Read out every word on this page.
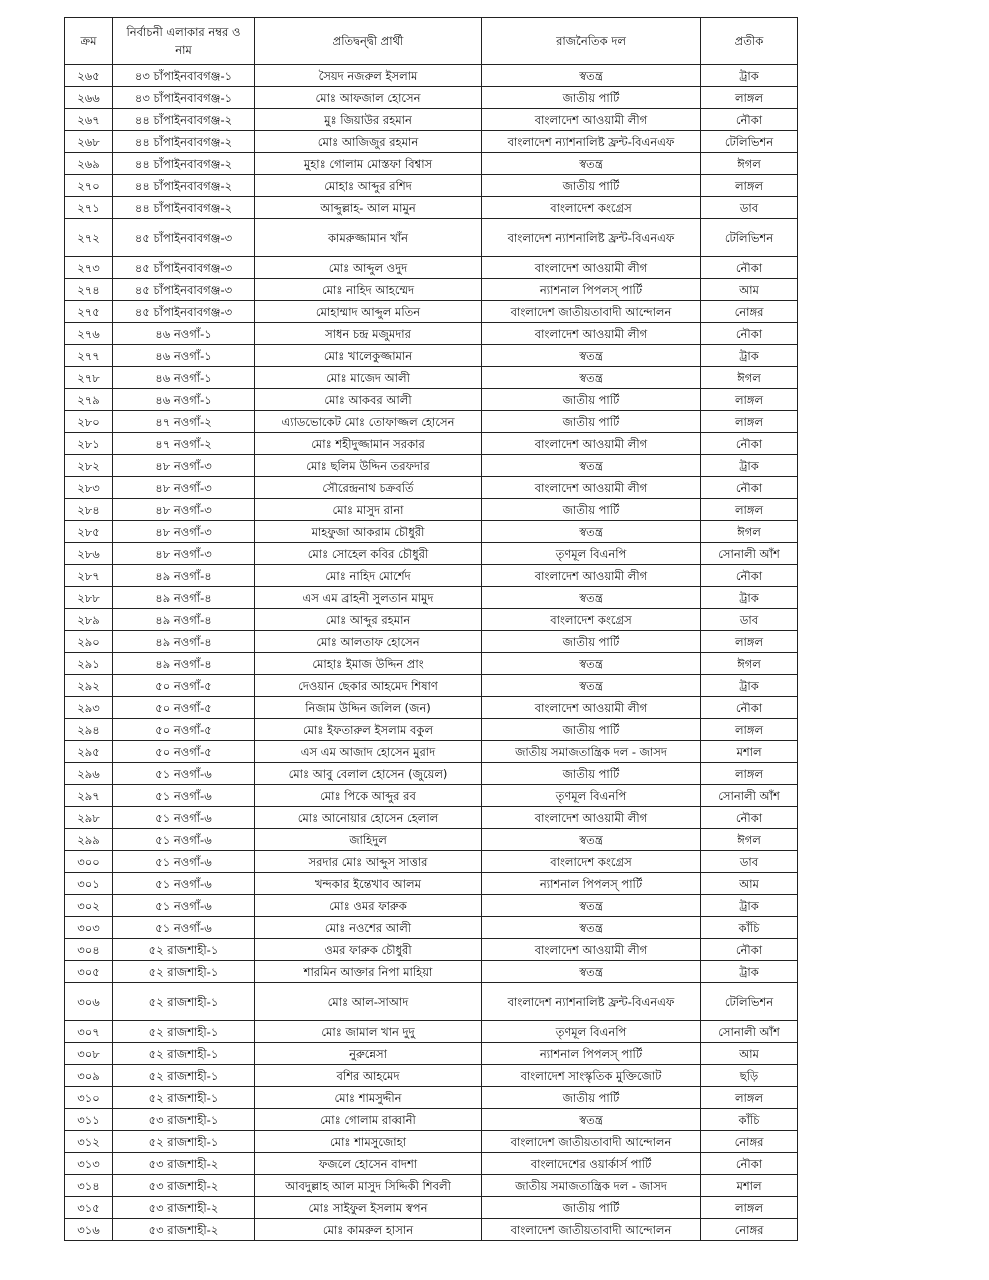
ক্রম	নির্বাচনী এলাকার নম্বর ও নাম	প্রতিদ্বন্দ্বী প্রার্থী	রাজনৈতিক দল	প্রতীক
২৬৫	৪৩ চাঁপাইনবাবগঞ্জ-১	সৈয়দ নজরুল ইসলাম	স্বতন্ত্র	ট্রাক
২৬৬	৪৩ চাঁপাইনবাবগঞ্জ-১	মোঃ আফজাল হোসেন	জাতীয় পার্টি	লাঙ্গল
২৬৭	৪৪ চাঁপাইনবাবগঞ্জ-২	মুঃ জিয়াউর রহমান	বাংলাদেশ আওয়ামী লীগ	নৌকা
২৬৮	৪৪ চাঁপাইনবাবগঞ্জ-২	মোঃ আজিজুর রহমান	বাংলাদেশ ন্যাশনালিষ্ট ফ্রন্ট-বিএনএফ	টেলিভিশন
২৬৯	৪৪ চাঁপাইনবাবগঞ্জ-২	মুহাঃ গোলাম মোস্তফা বিশ্বাস	স্বতন্ত্র	ঈগল
২৭০	৪৪ চাঁপাইনবাবগঞ্জ-২	মোহাঃ আব্দুর রশিদ	জাতীয় পার্টি	লাঙ্গল
২৭১	৪৪ চাঁপাইনবাবগঞ্জ-২	আব্দুল্লাহ- আল মামুন	বাংলাদেশ কংগ্রেস	ডাব
২৭২	৪৫ চাঁপাইনবাবগঞ্জ-৩	কামরুজ্জামান খাঁন	বাংলাদেশ ন্যাশনালিষ্ট ফ্রন্ট-বিএনএফ	টেলিভিশন
২৭৩	৪৫ চাঁপাইনবাবগঞ্জ-৩	মোঃ আব্দুল ওদুদ	বাংলাদেশ আওয়ামী লীগ	নৌকা
২৭৪	৪৫ চাঁপাইনবাবগঞ্জ-৩	মোঃ নাহিদ আহম্মেদ	ন্যাশনাল পিপলস্ পার্টি	আম
২৭৫	৪৫ চাঁপাইনবাবগঞ্জ-৩	মোহাম্মাদ আব্দুল মতিন	বাংলাদেশ জাতীয়তাবাদী আন্দোলন	নোঙ্গর
২৭৬	৪৬ নওগাঁ-১	সাধন চন্দ্র মজুমদার	বাংলাদেশ আওয়ামী লীগ	নৌকা
২৭৭	৪৬ নওগাঁ-১	মোঃ খালেকুজ্জামান	স্বতন্ত্র	ট্রাক
২৭৮	৪৬ নওগাঁ-১	মোঃ মাজেদ আলী	স্বতন্ত্র	ঈগল
২৭৯	৪৬ নওগাঁ-১	মোঃ আকবর আলী	জাতীয় পার্টি	লাঙ্গল
২৮০	৪৭ নওগাঁ-২	এ্যাডভোকেট মোঃ তোফাজ্জল হোসেন	জাতীয় পার্টি	লাঙ্গল
২৮১	৪৭ নওগাঁ-২	মোঃ শহীদুজ্জামান সরকার	বাংলাদেশ আওয়ামী লীগ	নৌকা
২৮২	৪৮ নওগাঁ-৩	মোঃ ছলিম উদ্দিন তরফদার	স্বতন্ত্র	ট্রাক
২৮৩	৪৮ নওগাঁ-৩	সৌরেন্দ্রনাথ চক্রবর্তি	বাংলাদেশ আওয়ামী লীগ	নৌকা
২৮৪	৪৮ নওগাঁ-৩	মোঃ মাসুদ রানা	জাতীয় পার্টি	লাঙ্গল
২৮৫	৪৮ নওগাঁ-৩	মাহফুজা আকরাম চৌধুরী	স্বতন্ত্র	ঈগল
২৮৬	৪৮ নওগাঁ-৩	মোঃ সোহেল কবির চৌধুরী	তৃণমূল বিএনপি	সোনালী আঁশ
২৮৭	৪৯ নওগাঁ-৪	মোঃ নাহিদ মোর্শেদ	বাংলাদেশ আওয়ামী লীগ	নৌকা
২৮৮	৪৯ নওগাঁ-৪	এস এম ব্রাহনী সুলতান মামুদ	স্বতন্ত্র	ট্রাক
২৮৯	৪৯ নওগাঁ-৪	মোঃ আব্দুর রহমান	বাংলাদেশ কংগ্রেস	ডাব
২৯০	৪৯ নওগাঁ-৪	মোঃ আলতাফ হোসেন	জাতীয় পার্টি	লাঙ্গল
২৯১	৪৯ নওগাঁ-৪	মোহাঃ ইমাজ উদ্দিন প্রাং	স্বতন্ত্র	ঈগল
২৯২	৫০ নওগাঁ-৫	দেওয়ান ছেকার আহমেদ শিষাণ	স্বতন্ত্র	ট্রাক
২৯৩	৫০ নওগাঁ-৫	নিজাম উদ্দিন জলিল (জন)	বাংলাদেশ আওয়ামী লীগ	নৌকা
২৯৪	৫০ নওগাঁ-৫	মোঃ ইফতারুল ইসলাম বকুল	জাতীয় পার্টি	লাঙ্গল
২৯৫	৫০ নওগাঁ-৫	এস এম আজাদ হোসেন মুরাদ	জাতীয় সমাজতান্ত্রিক দল - জাসদ	মশাল
২৯৬	৫১ নওগাঁ-৬	মোঃ আবু বেলাল হোসেন (জুয়েল)	জাতীয় পার্টি	লাঙ্গল
২৯৭	৫১ নওগাঁ-৬	মোঃ পিকে আব্দুর রব	তৃণমূল বিএনপি	সোনালী আঁশ
২৯৮	৫১ নওগাঁ-৬	মোঃ আনোয়ার হোসেন হেলাল	বাংলাদেশ আওয়ামী লীগ	নৌকা
২৯৯	৫১ নওগাঁ-৬	জাহিদুল	স্বতন্ত্র	ঈগল
৩০০	৫১ নওগাঁ-৬	সরদার মোঃ আব্দুস সাত্তার	বাংলাদেশ কংগ্রেস	ডাব
৩০১	৫১ নওগাঁ-৬	খন্দকার ইন্তেখাব আলম	ন্যাশনাল পিপলস্ পার্টি	আম
৩০২	৫১ নওগাঁ-৬	মোঃ ওমর ফারুক	স্বতন্ত্র	ট্রাক
৩০৩	৫১ নওগাঁ-৬	মোঃ নওশের আলী	স্বতন্ত্র	কাঁচি
৩০৪	৫২ রাজশাহী-১	ওমর ফারুক চৌধুরী	বাংলাদেশ আওয়ামী লীগ	নৌকা
৩০৫	৫২ রাজশাহী-১	শারমিন আক্তার নিপা মাহিয়া	স্বতন্ত্র	ট্রাক
৩০৬	৫২ রাজশাহী-১	মোঃ আল-সাআদ	বাংলাদেশ ন্যাশনালিষ্ট ফ্রন্ট-বিএনএফ	টেলিভিশন
৩০৭	৫২ রাজশাহী-১	মোঃ জামাল খান দুদু	তৃণমূল বিএনপি	সোনালী আঁশ
৩০৮	৫২ রাজশাহী-১	নুরুন্নেসা	ন্যাশনাল পিপলস্ পার্টি	আম
৩০৯	৫২ রাজশাহী-১	বশির আহমেদ	বাংলাদেশ সাংস্কৃতিক মুক্তিজোট	ছড়ি
৩১০	৫২ রাজশাহী-১	মোঃ শামসুদ্দীন	জাতীয় পার্টি	লাঙ্গল
৩১১	৫৩ রাজশাহী-১	মোঃ গোলাম রাব্বানী	স্বতন্ত্র	কাঁচি
৩১২	৫২ রাজশাহী-১	মোঃ শামসুজোহা	বাংলাদেশ জাতীয়তাবাদী আন্দোলন	নোঙ্গর
৩১৩	৫৩ রাজশাহী-২	ফজলে হোসেন বাদশা	বাংলাদেশের ওয়ার্কার্স পার্টি	নৌকা
৩১৪	৫৩ রাজশাহী-২	আবদুল্লাহ আল মাসুদ সিদ্দিকী শিবলী	জাতীয় সমাজতান্ত্রিক দল - জাসদ	মশাল
৩১৫	৫৩ রাজশাহী-২	মোঃ সাইফুল ইসলাম স্বপন	জাতীয় পার্টি	লাঙ্গল
৩১৬	৫৩ রাজশাহী-২	মোঃ কামরুল হাসান	বাংলাদেশ জাতীয়তাবাদী আন্দোলন	নোঙ্গর
